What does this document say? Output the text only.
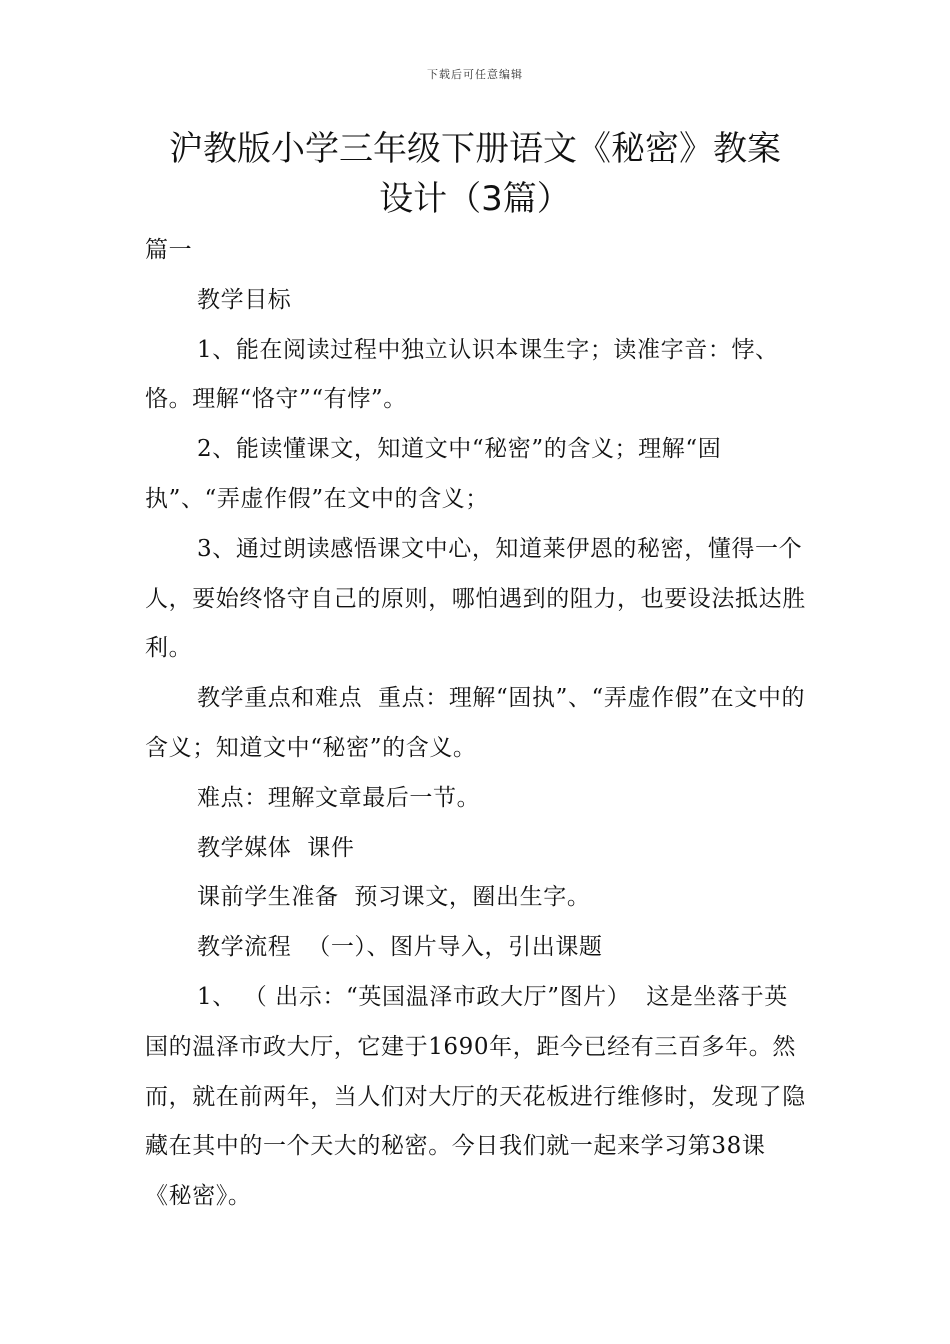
下载后可任意编辑
沪教版小学三年级下册语文《秘密》教案
设计（3篇）

篇一

教学目标

1、能在阅读过程中独立认识本课生字；读准字音：悖、恪。理解“恪守”“有悖”。

2、能读懂课文，知道文中“秘密”的含义；理解“固执”、“弄虚作假”在文中的含义；

3、通过朗读感悟课文中心，知道莱伊恩的秘密，懂得一个人，要始终恪守自己的原则，哪怕遇到的阻力，也要设法抵达胜利。

教学重点和难点  重点：理解“固执”、“弄虚作假”在文中的含义；知道文中“秘密”的含义。

难点：理解文章最后一节。

教学媒体  课件

课前学生准备  预习课文，圈出生字。

教学流程  （一）、图片导入，引出课题

1、 （ 出示：“英国温泽市政大厅”图片）  这是坐落于英国的温泽市政大厅，它建于1690年，距今已经有三百多年。然而，就在前两年，当人们对大厅的天花板进行维修时，发现了隐藏在其中的一个天大的秘密。今日我们就一起来学习第38课《秘密》。
